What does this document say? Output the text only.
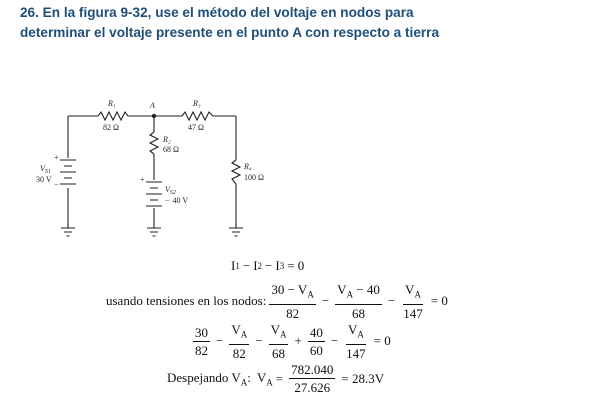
26. En la figura 9-32, use el método del voltaje en nodos para
determinar el voltaje presente en el punto A con respecto a tierra
R₁
82 Ω
A	R₃
47 Ω
R₂
68 Ω
R₄
100 Ω
+
−
$V_{S1}$
30 V	+
$V_{S2}$
− 40 V
I 1 − I 2 − I 3 = 0
usando tensiones en los nodos: $\frac{30 - V_A}{82} - \frac{V_A - 40}{68} - \frac{V_A}{147} = 0$
$\frac{30}{82} - \frac{V_A}{82} - \frac{V_A}{68} + \frac{40}{60} - \frac{V_A}{147} = 0$
Despejando $V_A$: $V_A = \frac{782.040}{27.626} = 28.3V$
